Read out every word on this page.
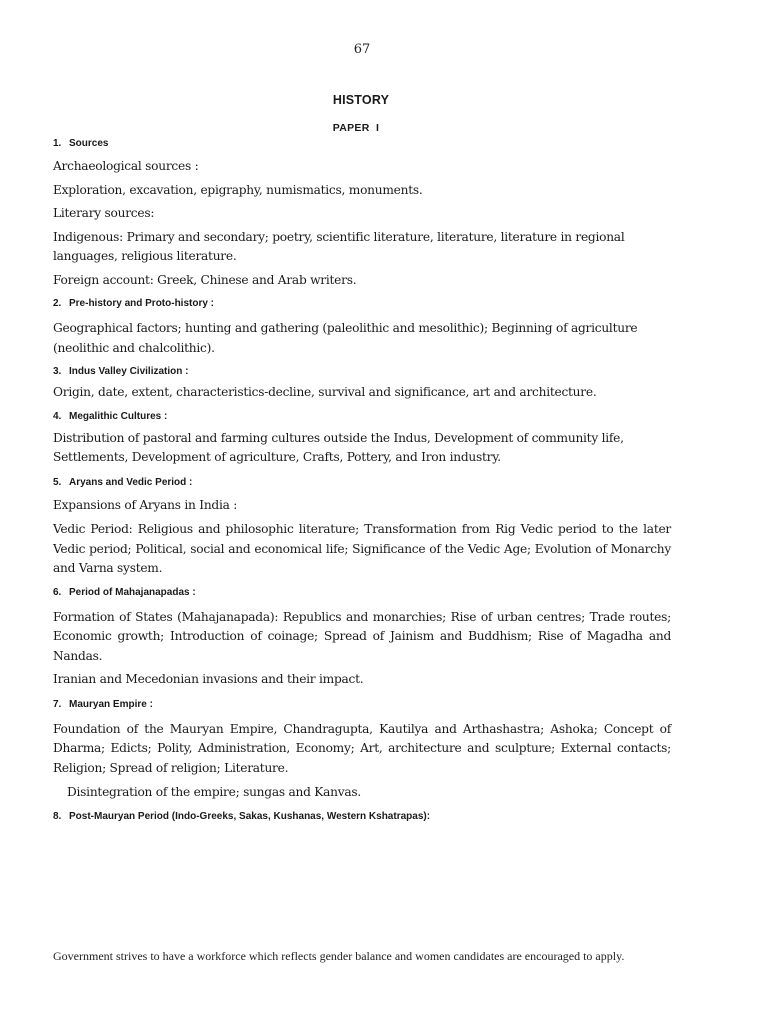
67
HISTORY
PAPER  I
1. Sources

Archaeological sources :

Exploration, excavation, epigraphy, numismatics, monuments.

Literary sources:

Indigenous: Primary and secondary; poetry, scientific literature, literature, literature in regional languages, religious literature.

Foreign account: Greek, Chinese and Arab writers.

2. Pre-history and Proto-history :

Geographical factors; hunting and gathering (paleolithic and mesolithic); Beginning of agriculture (neolithic and chalcolithic).

3. Indus Valley Civilization :

Origin, date, extent, characteristics-decline, survival and significance, art and architecture.

4. Megalithic Cultures :

Distribution of pastoral and farming cultures outside the Indus, Development of community life, Settlements, Development of agriculture, Crafts, Pottery, and Iron industry.

5. Aryans and Vedic Period :

Expansions of Aryans in India :

Vedic Period: Religious and philosophic literature; Transformation from Rig Vedic period to the later Vedic period; Political, social and economical life; Significance of the Vedic Age; Evolution of Monarchy and Varna system.

6. Period of Mahajanapadas :

Formation of States (Mahajanapada): Republics and monarchies; Rise of urban centres; Trade routes; Economic growth; Introduction of coinage; Spread of Jainism and Buddhism; Rise of Magadha and Nandas.

Iranian and Mecedonian invasions and their impact.

7. Mauryan Empire :

Foundation of the Mauryan Empire, Chandragupta, Kautilya and Arthashastra; Ashoka; Concept of Dharma; Edicts; Polity, Administration, Economy; Art, architecture and sculpture; External contacts; Religion; Spread of religion; Literature.

Disintegration of the empire; sungas and Kanvas.

8. Post-Mauryan Period (Indo-Greeks, Sakas, Kushanas, Western Kshatrapas):
Government strives to have a workforce which reflects gender balance and women candidates are encouraged to apply.
